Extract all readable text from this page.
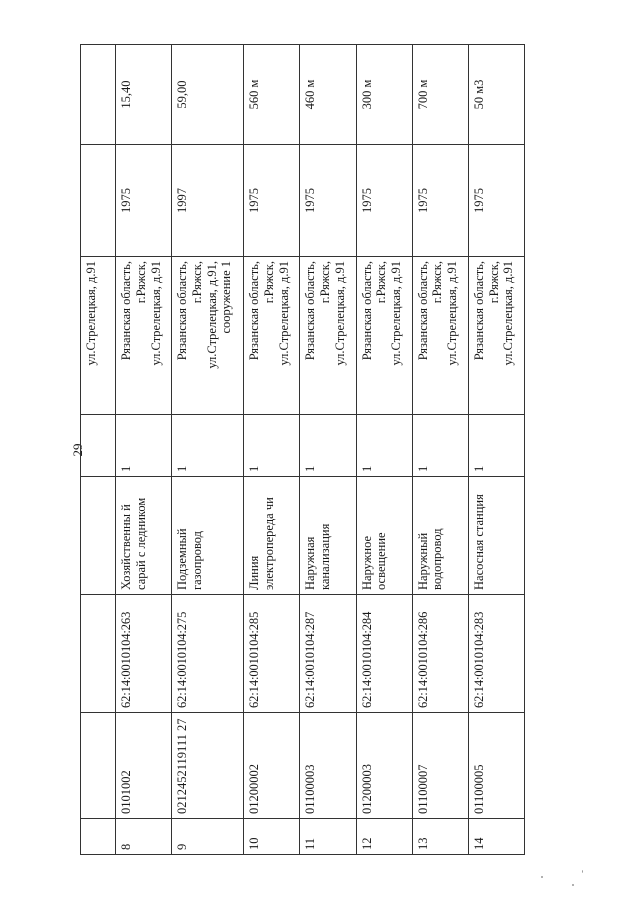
29
					ул.Стрелецкая, д.91		
8	0101002	62:14:0010104:263	Хозяйственны й сарай с ледником	1	Рязанская область, г.Ряжск, ул.Стрелецкая, д.91	1975	15,40
9	0212452119111 27	62:14:0010104:275	Подземный газопровод	1	Рязанская область, г.Ряжск, ул.Стрелецкая, д.91, сооружение 1	1997	59,00
10	01200002	62:14:0010104:285	Линия электропереда чи	1	Рязанская область, г.Ряжск, ул.Стрелецкая, д.91	1975	560 м
11	01100003	62:14:0010104:287	Наружная канализация	1	Рязанская область, г.Ряжск, ул.Стрелецкая, д.91	1975	460 м
12	01200003	62:14:0010104:284	Наружное освещение	1	Рязанская область, г.Ряжск, ул.Стрелецкая, д.91	1975	300 м
13	01100007	62:14:0010104:286	Наружный водопровод	1	Рязанская область, г.Ряжск, ул.Стрелецкая, д.91	1975	700 м
14	01100005	62:14:0010104:283	Насосная станция	1	Рязанская область, г.Ряжск, ул.Стрелецкая, д.91	1975	50 м3
